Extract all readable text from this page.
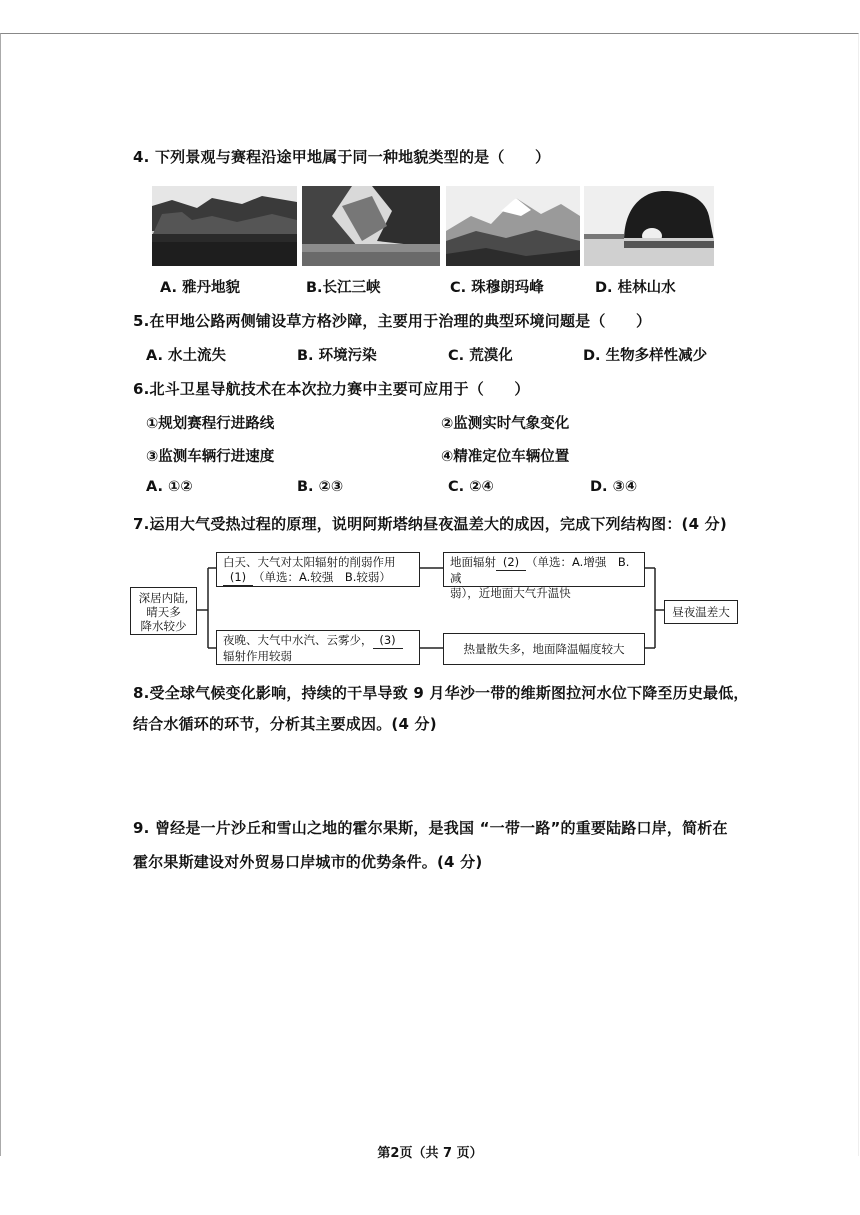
4. 下列景观与赛程沿途甲地属于同一种地貌类型的是（　　）
A. 雅丹地貌	B.长江三峡	C. 珠穆朗玛峰	D. 桂林山水
5.在甲地公路两侧铺设草方格沙障，主要用于治理的典型环境问题是（　　）
A. 水土流失	B. 环境污染	C. 荒漠化	D. 生物多样性减少
6.北斗卫星导航技术在本次拉力赛中主要可应用于（　　）
①规划赛程行进路线	②监测实时气象变化
③监测车辆行进速度	④精准定位车辆位置
A. ①②	B. ②③	C. ②④	D. ③④
7.运用大气受热过程的原理，说明阿斯塔纳昼夜温差大的成因，完成下列结构图：(4 分)
深居内陆,
晴天多
降水较少
白天、大气对太阳辐射的削弱作用
(1) （单选：A.较强　B.较弱）
地面辐射 (2) （单选：A.增强　B.减
弱），近地面大气升温快
夜晚、大气中水汽、云雾少， (3)
辐射作用较弱	热量散失多，地面降温幅度较大
昼夜温差大
8.受全球气候变化影响，持续的干旱导致 9 月华沙一带的维斯图拉河水位下降至历史最低，
结合水循环的环节，分析其主要成因。(4 分)
9. 曾经是一片沙丘和雪山之地的霍尔果斯，是我国 “一带一路”的重要陆路口岸，简析在
霍尔果斯建设对外贸易口岸城市的优势条件。(4 分)
第2页（共 7 页）
